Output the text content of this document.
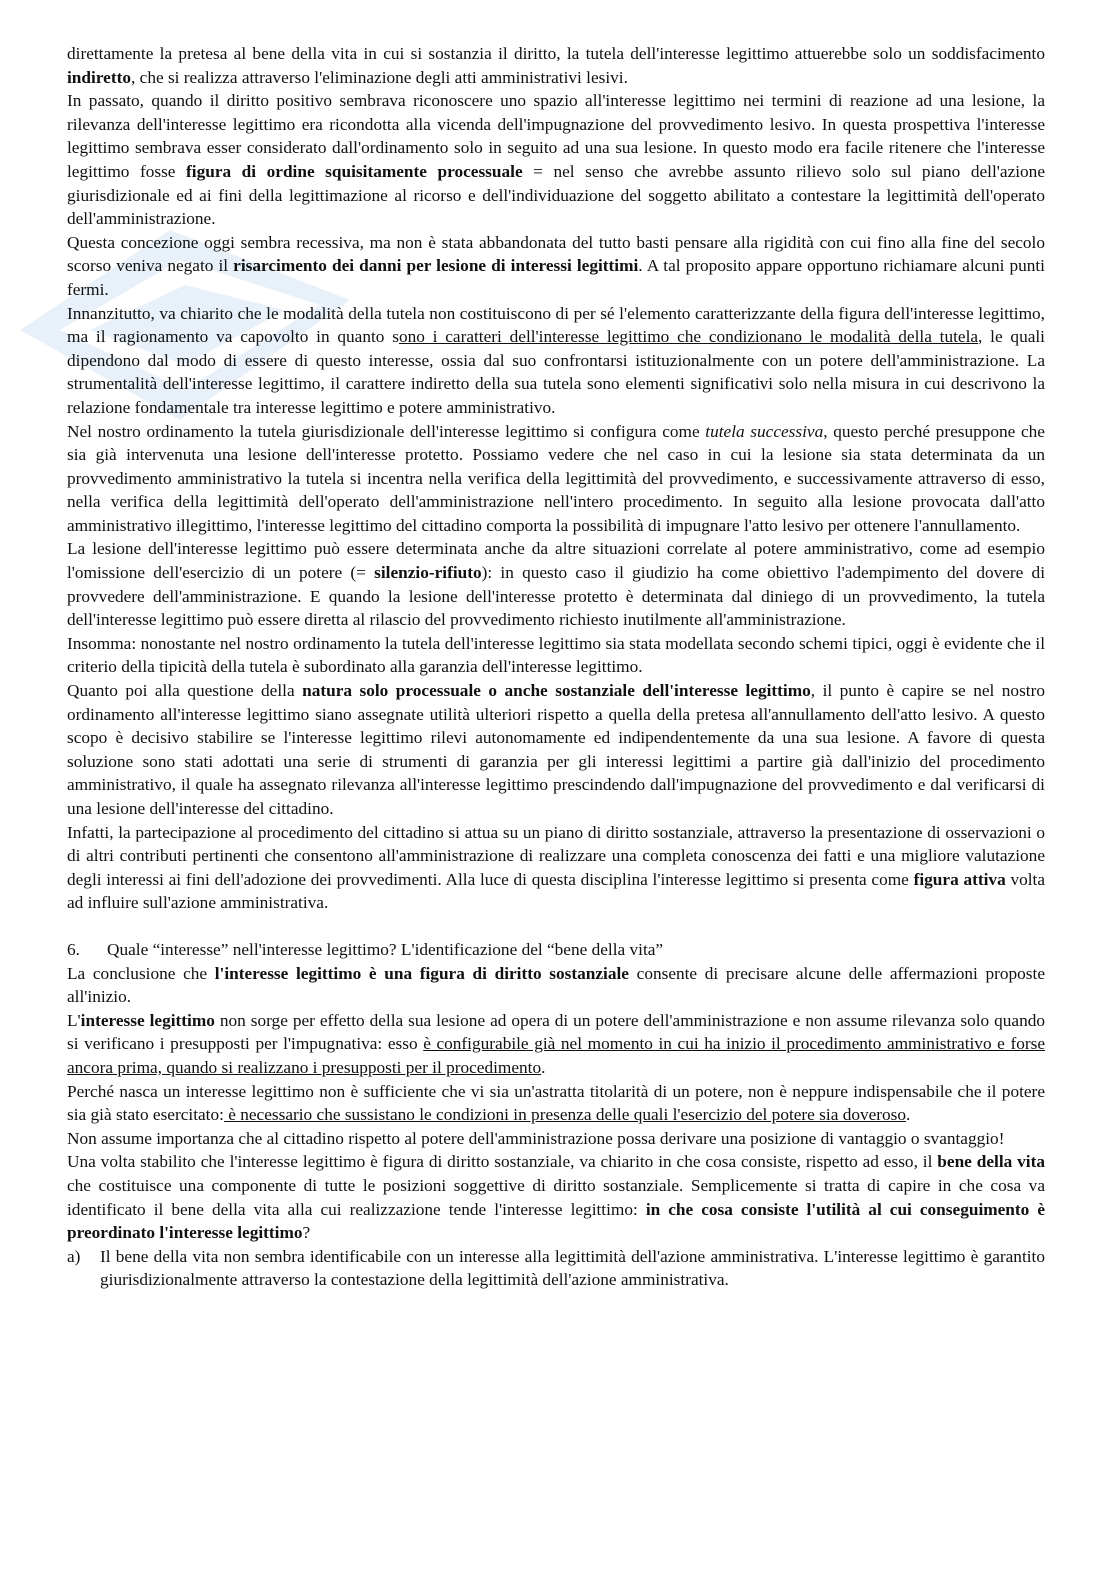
direttamente la pretesa al bene della vita in cui si sostanzia il diritto, la tutela dell'interesse legittimo attuerebbe solo un soddisfacimento indiretto, che si realizza attraverso l'eliminazione degli atti amministrativi lesivi.

In passato, quando il diritto positivo sembrava riconoscere uno spazio all'interesse legittimo nei termini di reazione ad una lesione, la rilevanza dell'interesse legittimo era ricondotta alla vicenda dell'impugnazione del provvedimento lesivo. In questa prospettiva l'interesse legittimo sembrava esser considerato dall'ordinamento solo in seguito ad una sua lesione. In questo modo era facile ritenere che l'interesse legittimo fosse figura di ordine squisitamente processuale = nel senso che avrebbe assunto rilievo solo sul piano dell'azione giurisdizionale ed ai fini della legittimazione al ricorso e dell'individuazione del soggetto abilitato a contestare la legittimità dell'operato dell'amministrazione.

Questa concezione oggi sembra recessiva, ma non è stata abbandonata del tutto basti pensare alla rigidità con cui fino alla fine del secolo scorso veniva negato il risarcimento dei danni per lesione di interessi legittimi. A tal proposito appare opportuno richiamare alcuni punti fermi.

Innanzitutto, va chiarito che le modalità della tutela non costituiscono di per sé l'elemento caratterizzante della figura dell'interesse legittimo, ma il ragionamento va capovolto in quanto sono i caratteri dell'interesse legittimo che condizionano le modalità della tutela, le quali dipendono dal modo di essere di questo interesse, ossia dal suo confrontarsi istituzionalmente con un potere dell'amministrazione. La strumentalità dell'interesse legittimo, il carattere indiretto della sua tutela sono elementi significativi solo nella misura in cui descrivono la relazione fondamentale tra interesse legittimo e potere amministrativo.

Nel nostro ordinamento la tutela giurisdizionale dell'interesse legittimo si configura come tutela successiva, questo perché presuppone che sia già intervenuta una lesione dell'interesse protetto. Possiamo vedere che nel caso in cui la lesione sia stata determinata da un provvedimento amministrativo la tutela si incentra nella verifica della legittimità del provvedimento, e successivamente attraverso di esso, nella verifica della legittimità dell'operato dell'amministrazione nell'intero procedimento. In seguito alla lesione provocata dall'atto amministrativo illegittimo, l'interesse legittimo del cittadino comporta la possibilità di impugnare l'atto lesivo per ottenere l'annullamento.

La lesione dell'interesse legittimo può essere determinata anche da altre situazioni correlate al potere amministrativo, come ad esempio l'omissione dell'esercizio di un potere (= silenzio-rifiuto): in questo caso il giudizio ha come obiettivo l'adempimento del dovere di provvedere dell'amministrazione. E quando la lesione dell'interesse protetto è determinata dal diniego di un provvedimento, la tutela dell'interesse legittimo può essere diretta al rilascio del provvedimento richiesto inutilmente all'amministrazione.

Insomma: nonostante nel nostro ordinamento la tutela dell'interesse legittimo sia stata modellata secondo schemi tipici, oggi è evidente che il criterio della tipicità della tutela è subordinato alla garanzia dell'interesse legittimo.

Quanto poi alla questione della natura solo processuale o anche sostanziale dell'interesse legittimo, il punto è capire se nel nostro ordinamento all'interesse legittimo siano assegnate utilità ulteriori rispetto a quella della pretesa all'annullamento dell'atto lesivo. A questo scopo è decisivo stabilire se l'interesse legittimo rilevi autonomamente ed indipendentemente da una sua lesione. A favore di questa soluzione sono stati adottati una serie di strumenti di garanzia per gli interessi legittimi a partire già dall'inizio del procedimento amministrativo, il quale ha assegnato rilevanza all'interesse legittimo prescindendo dall'impugnazione del provvedimento e dal verificarsi di una lesione dell'interesse del cittadino.

Infatti, la partecipazione al procedimento del cittadino si attua su un piano di diritto sostanziale, attraverso la presentazione di osservazioni o di altri contributi pertinenti che consentono all'amministrazione di realizzare una completa conoscenza dei fatti e una migliore valutazione degli interessi ai fini dell'adozione dei provvedimenti. Alla luce di questa disciplina l'interesse legittimo si presenta come figura attiva volta ad influire sull'azione amministrativa.

6. Quale “interesse” nell'interesse legittimo? L'identificazione del “bene della vita”

La conclusione che l'interesse legittimo è una figura di diritto sostanziale consente di precisare alcune delle affermazioni proposte all'inizio.

L'interesse legittimo non sorge per effetto della sua lesione ad opera di un potere dell'amministrazione e non assume rilevanza solo quando si verificano i presupposti per l'impugnativa: esso è configurabile già nel momento in cui ha inizio il procedimento amministrativo e forse ancora prima, quando si realizzano i presupposti per il procedimento.

Perché nasca un interesse legittimo non è sufficiente che vi sia un'astratta titolarità di un potere, non è neppure indispensabile che il potere sia già stato esercitato: è necessario che sussistano le condizioni in presenza delle quali l'esercizio del potere sia doveroso.

Non assume importanza che al cittadino rispetto al potere dell'amministrazione possa derivare una posizione di vantaggio o svantaggio!

Una volta stabilito che l'interesse legittimo è figura di diritto sostanziale, va chiarito in che cosa consiste, rispetto ad esso, il bene della vita che costituisce una componente di tutte le posizioni soggettive di diritto sostanziale. Semplicemente si tratta di capire in che cosa va identificato il bene della vita alla cui realizzazione tende l'interesse legittimo: in che cosa consiste l'utilità al cui conseguimento è preordinato l'interesse legittimo?

a) Il bene della vita non sembra identificabile con un interesse alla legittimità dell'azione amministrativa. L'interesse legittimo è garantito giurisdizionalmente attraverso la contestazione della legittimità dell'azione amministrativa.
